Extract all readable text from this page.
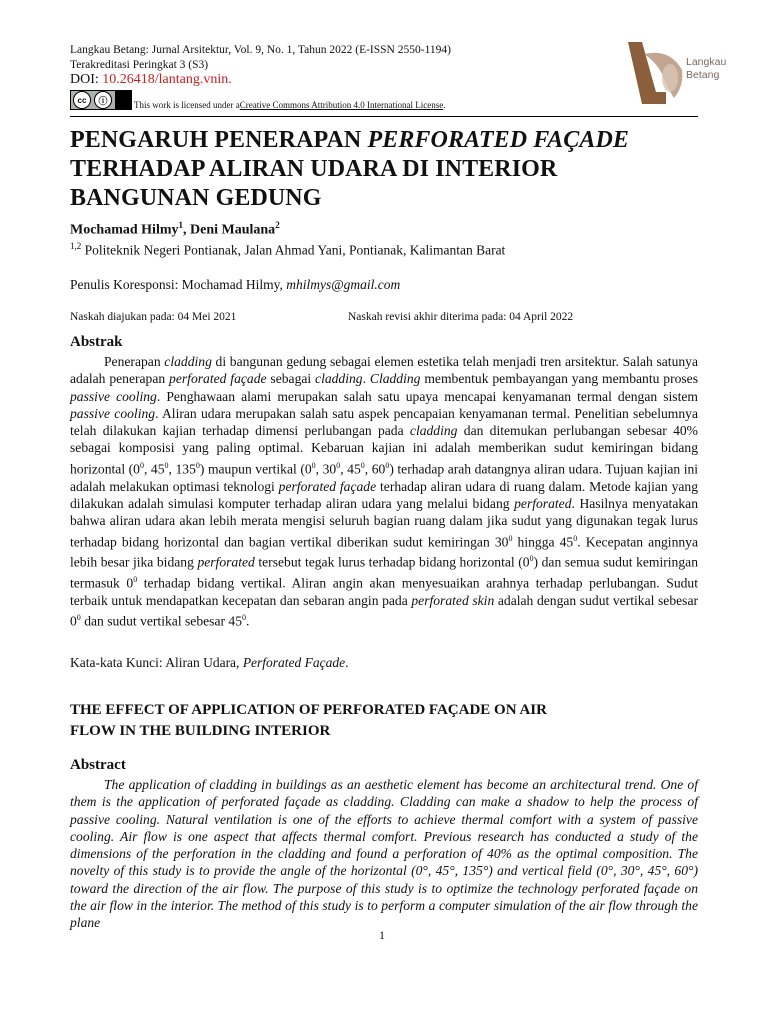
Langkau Betang: Jurnal Arsitektur, Vol. 9, No. 1, Tahun 2022 (E-ISSN 2550-1194)
Terakreditasi Peringkat 3 (S3)
DOI: 10.26418/lantang.vnin.
cc	ⓘ	This work is licensed under a Creative Commons Attribution 4.0 International License .
Langkau
Betang
PENGARUH PENERAPAN PERFORATED FAÇADE
TERHADAP ALIRAN UDARA DI INTERIOR
BANGUNAN GEDUNG
Mochamad Hilmy$^1$, Deni Maulana$^2$
$^{1,2}$ Politeknik Negeri Pontianak, Jalan Ahmad Yani, Pontianak, Kalimantan Barat
Penulis Koresponsi: Mochamad Hilmy, mhilmys@gmail.com
Naskah diajukan pada: 04 Mei 2021	Naskah revisi akhir diterima pada: 04 April 2022
Abstrak

Penerapan cladding di bangunan gedung sebagai elemen estetika telah menjadi tren arsitektur. Salah satunya adalah penerapan perforated façade sebagai cladding. Cladding membentuk pembayangan yang membantu proses passive cooling. Penghawaan alami merupakan salah satu upaya mencapai kenyamanan termal dengan sistem passive cooling. Aliran udara merupakan salah satu aspek pencapaian kenyamanan termal. Penelitian sebelumnya telah dilakukan kajian terhadap dimensi perlubangan pada cladding dan ditemukan perlubangan sebesar 40% sebagai komposisi yang paling optimal. Kebaruan kajian ini adalah memberikan sudut kemiringan bidang horizontal ($0^0$, $45^0$, $135^0$) maupun vertikal ($0^0$, $30^0$, $45^0$, $60^0$) terhadap arah datangnya aliran udara. Tujuan kajian ini adalah melakukan optimasi teknologi perforated façade terhadap aliran udara di ruang dalam. Metode kajian yang dilakukan adalah simulasi komputer terhadap aliran udara yang melalui bidang perforated. Hasilnya menyatakan bahwa aliran udara akan lebih merata mengisi seluruh bagian ruang dalam jika sudut yang digunakan tegak lurus terhadap bidang horizontal dan bagian vertikal diberikan sudut kemiringan $30^0$ hingga $45^0$. Kecepatan anginnya lebih besar jika bidang perforated tersebut tegak lurus terhadap bidang horizontal $(0^0)$ dan semua sudut kemiringan termasuk $0^0$ terhadap bidang vertikal. Aliran angin akan menyesuaikan arahnya terhadap perlubangan. Sudut terbaik untuk mendapatkan kecepatan dan sebaran angin pada perforated skin adalah dengan sudut vertikal sebesar $0^0$ dan sudut vertikal sebesar $45^0$.

Kata-kata Kunci: Aliran Udara, Perforated Façade.
THE EFFECT OF APPLICATION OF PERFORATED FAÇADE ON AIR
FLOW IN THE BUILDING INTERIOR
Abstract

The application of cladding in buildings as an aesthetic element has become an architectural trend. One of them is the application of perforated façade as cladding. Cladding can make a shadow to help the process of passive cooling. Natural ventilation is one of the efforts to achieve thermal comfort with a system of passive cooling. Air flow is one aspect that affects thermal comfort. Previous research has conducted a study of the dimensions of the perforation in the cladding and found a perforation of 40% as the optimal composition. The novelty of this study is to provide the angle of the horizontal (0°, 45°, 135°) and vertical field (0°, 30°, 45°, 60°) toward the direction of the air flow. The purpose of this study is to optimize the technology perforated façade on the air flow in the interior. The method of this study is to perform a computer simulation of the air flow through the plane

1
